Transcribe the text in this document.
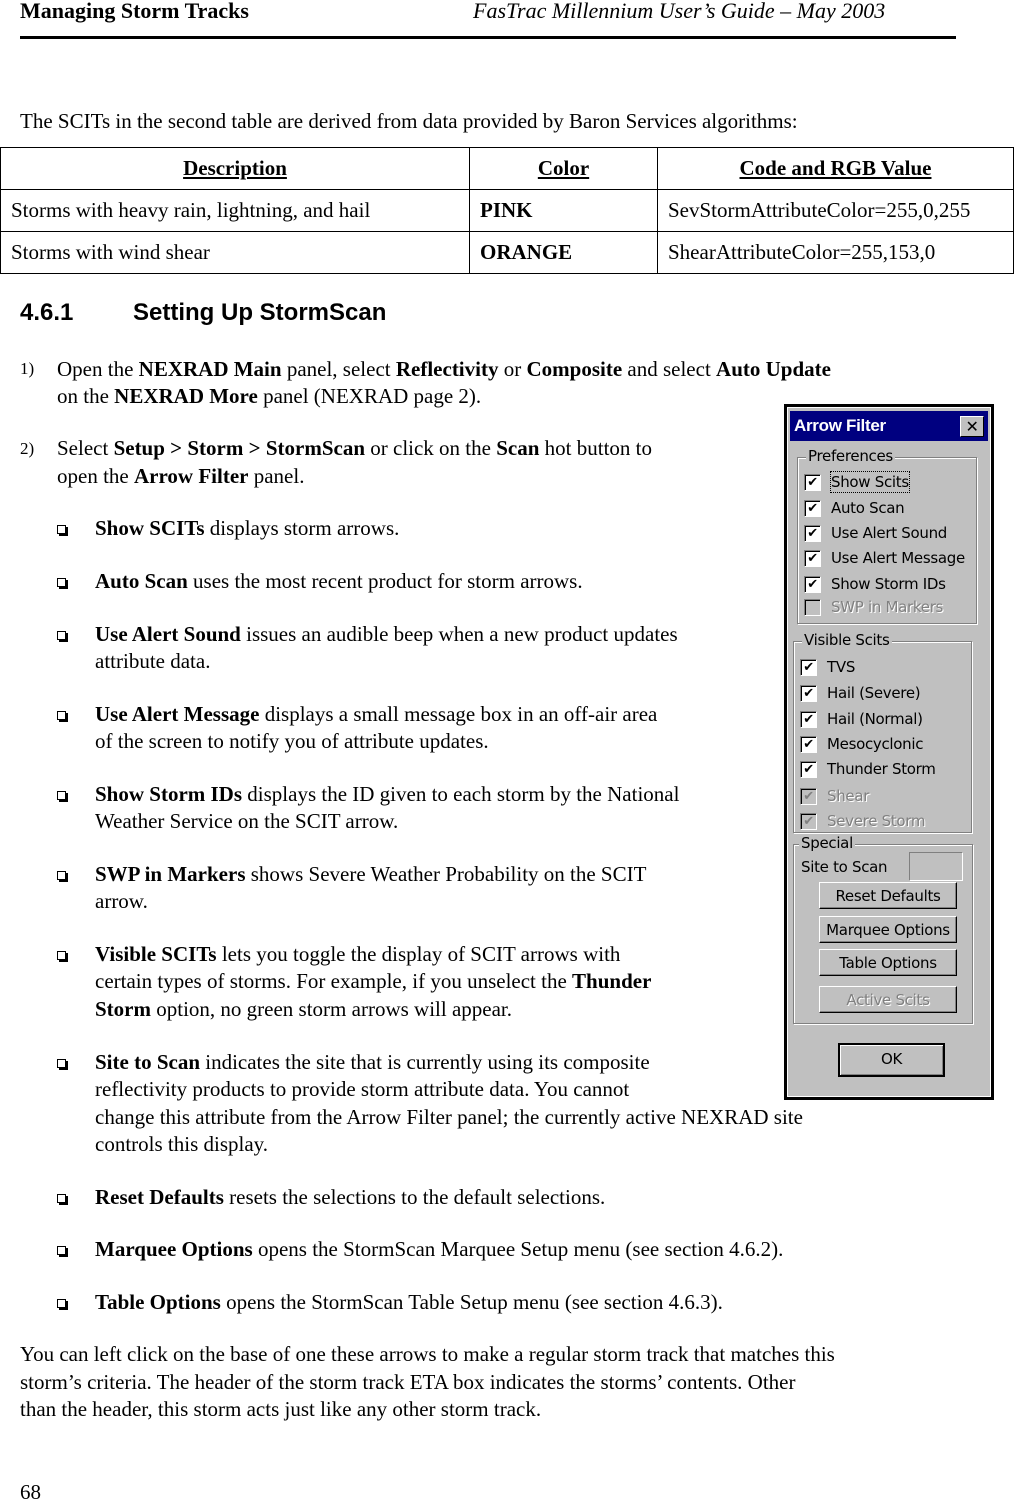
Managing Storm Tracks	FasTrac Millennium User’s Guide – May 2003
The SCITs in the second table are derived from data provided by Baron Services algorithms:
Description	Color	Code and RGB Value
Storms with heavy rain, lightning, and hail	PINK	SevStormAttributeColor=255,0,255
Storms with wind shear	ORANGE	ShearAttributeColor=255,153,0
4.6.1 Setting Up StormScan
1) Open the NEXRAD Main panel, select Reflectivity or Composite and select Auto Update
on the NEXRAD More panel (NEXRAD page 2).
2) Select Setup > Storm > StormScan or click on the Scan hot button to
open the Arrow Filter panel.
Show SCITs displays storm arrows.
Auto Scan uses the most recent product for storm arrows.
Use Alert Sound issues an audible beep when a new product updates
attribute data.
Use Alert Message displays a small message box in an off-air area
of the screen to notify you of attribute updates.
Show Storm IDs displays the ID given to each storm by the National
Weather Service on the SCIT arrow.
SWP in Markers shows Severe Weather Probability on the SCIT
arrow.
Visible SCITs lets you toggle the display of SCIT arrows with
certain types of storms. For example, if you unselect the Thunder
Storm option, no green storm arrows will appear.
Site to Scan indicates the site that is currently using its composite
reflectivity products to provide storm attribute data. You cannot
change this attribute from the Arrow Filter panel; the currently active NEXRAD site
controls this display.
Reset Defaults resets the selections to the default selections.
Marquee Options opens the StormScan Marquee Setup menu (see section 4.6.2).
Table Options opens the StormScan Table Setup menu (see section 4.6.3).
You can left click on the base of one these arrows to make a regular storm track that matches this
storm’s criteria. The header of the storm track ETA box indicates the storms’ contents. Other
than the header, this storm acts just like any other storm track.
68
Arrow Filter	✕
Preferences
✔ Show Scits
✔ Auto Scan
✔ Use Alert Sound
✔ Use Alert Message
✔ Show Storm IDs
SWP in Markers
Visible Scits
✔ TVS
✔ Hail (Severe)
✔ Hail (Normal)
✔ Mesocyclonic
✔ Thunder Storm
✔ Shear
✔ Severe Storm
Special
Site to Scan
Reset Defaults
Marquee Options
Table Options
Active Scits
OK
